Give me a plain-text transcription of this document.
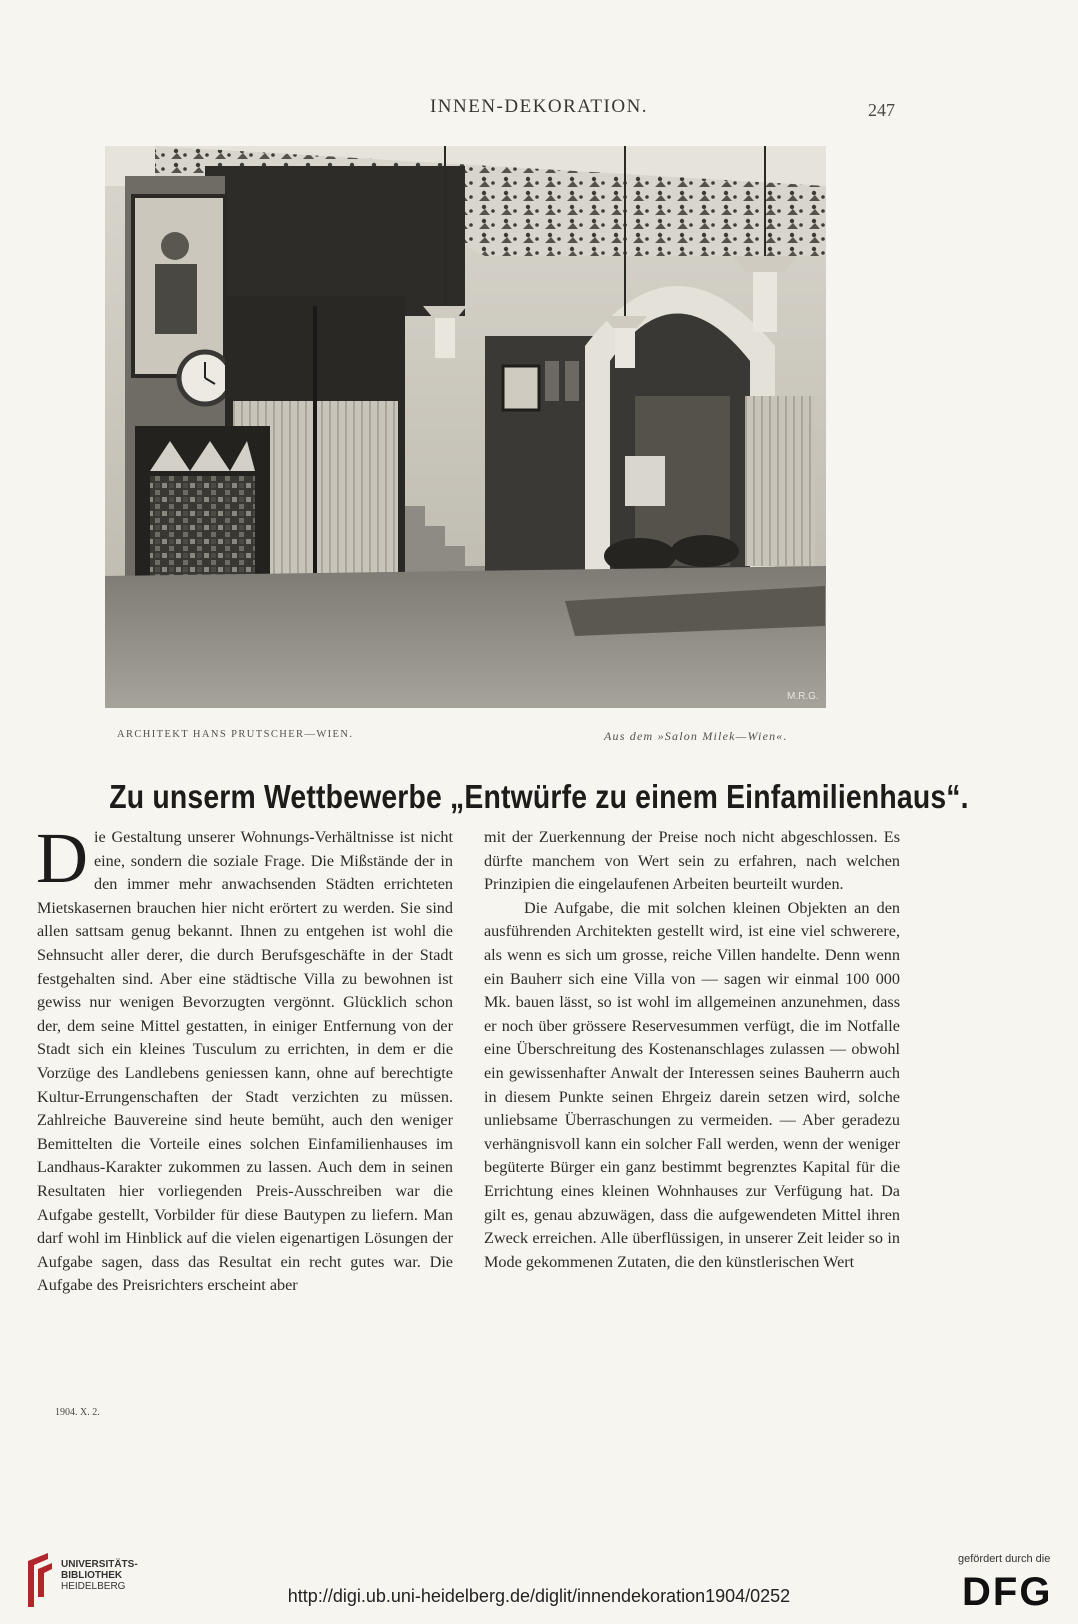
INNEN-DEKORATION.	247
M.R.G.
ARCHITEKT HANS PRUTSCHER—WIEN.	Aus dem »Salon Milek—Wien«.
Zu unserm Wettbewerbe „Entwürfe zu einem Einfamilienhaus“.
D ie Gestaltung unserer Wohnungs-Verhältnisse ist nicht eine, sondern die soziale Frage. Die Mißstände der in den immer mehr anwachsenden Städten errichteten Mietskasernen brauchen hier nicht erörtert zu werden. Sie sind allen sattsam genug bekannt. Ihnen zu entgehen ist wohl die Sehnsucht aller derer, die durch Berufsgeschäfte in der Stadt festgehalten sind. Aber eine städtische Villa zu bewohnen ist gewiss nur wenigen Bevorzugten vergönnt. Glücklich schon der, dem seine Mittel gestatten, in einiger Entfernung von der Stadt sich ein kleines Tusculum zu errichten, in dem er die Vorzüge des Landlebens geniessen kann, ohne auf berechtigte Kultur-Errungenschaften der Stadt verzichten zu müssen. Zahlreiche Bauvereine sind heute bemüht, auch den weniger Bemittelten die Vorteile eines solchen Einfamilienhauses im Landhaus-Karakter zukommen zu lassen. Auch dem in seinen Resultaten hier vorliegenden Preis-Ausschreiben war die Aufgabe gestellt, Vorbilder für diese Bautypen zu liefern. Man darf wohl im Hinblick auf die vielen eigenartigen Lösungen der Aufgabe sagen, dass das Resultat ein recht gutes war. Die Aufgabe des Preisrichters erscheint aber

mit der Zuerkennung der Preise noch nicht abgeschlossen. Es dürfte manchem von Wert sein zu erfahren, nach welchen Prinzipien die eingelaufenen Arbeiten beurteilt wurden.

Die Aufgabe, die mit solchen kleinen Objekten an den ausführenden Architekten gestellt wird, ist eine viel schwerere, als wenn es sich um grosse, reiche Villen handelte. Denn wenn ein Bauherr sich eine Villa von — sagen wir einmal 100 000 Mk. bauen lässt, so ist wohl im allgemeinen anzunehmen, dass er noch über grössere Reservesummen verfügt, die im Notfalle eine Überschreitung des Kostenanschlages zulassen — obwohl ein gewissenhafter Anwalt der Interessen seines Bauherrn auch in diesem Punkte seinen Ehrgeiz darein setzen wird, solche unliebsame Überraschungen zu vermeiden. — Aber geradezu verhängnisvoll kann ein solcher Fall werden, wenn der weniger begüterte Bürger ein ganz bestimmt begrenztes Kapital für die Errichtung eines kleinen Wohnhauses zur Verfügung hat. Da gilt es, genau abzuwägen, dass die aufgewendeten Mittel ihren Zweck erreichen. Alle überflüssigen, in unserer Zeit leider so in Mode gekommenen Zutaten, die den künstlerischen Wert

1904. X. 2.
UNIVERSITÄTS-
BIBLIOTHEK
HEIDELBERG	http://digi.ub.uni-heidelberg.de/diglit/innendekoration1904/0252
gefördert durch die
DFG
